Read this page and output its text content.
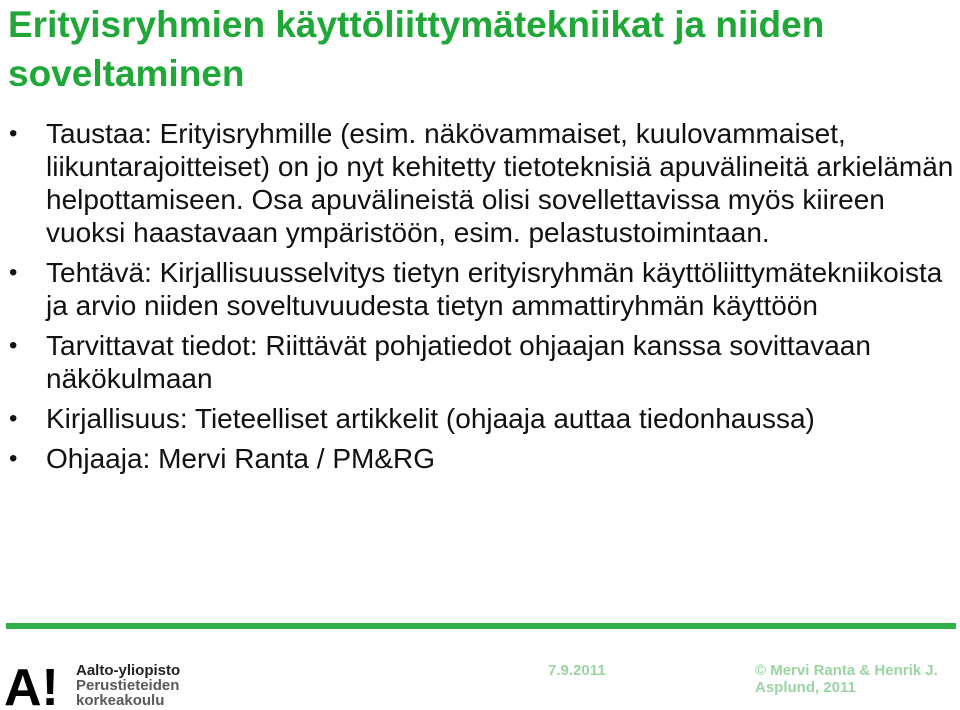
Erityisryhmien käyttöliittymätekniikat ja niiden soveltaminen
• Taustaa: Erityisryhmille (esim. näkövammaiset, kuulovammaiset, liikuntarajoitteiset) on jo nyt kehitetty tietoteknisiä apuvälineitä arkielämän helpottamiseen. Osa apuvälineistä olisi sovellettavissa myös kiireen vuoksi haastavaan ympäristöön, esim. pelastustoimintaan.
• Tehtävä: Kirjallisuusselvitys tietyn erityisryhmän käyttöliittymätekniikoista ja arvio niiden soveltuvuudesta tietyn ammattiryhmän käyttöön
• Tarvittavat tiedot: Riittävät pohjatiedot ohjaajan kanssa sovittavaan näkökulmaan
• Kirjallisuus: Tieteelliset artikkelit (ohjaaja auttaa tiedonhaussa)
• Ohjaaja: Mervi Ranta / PM&RG
A! Aalto-yliopisto
Perustieteiden
korkeakoulu
7.9.2011	© Mervi Ranta & Henrik J. Asplund, 2011
